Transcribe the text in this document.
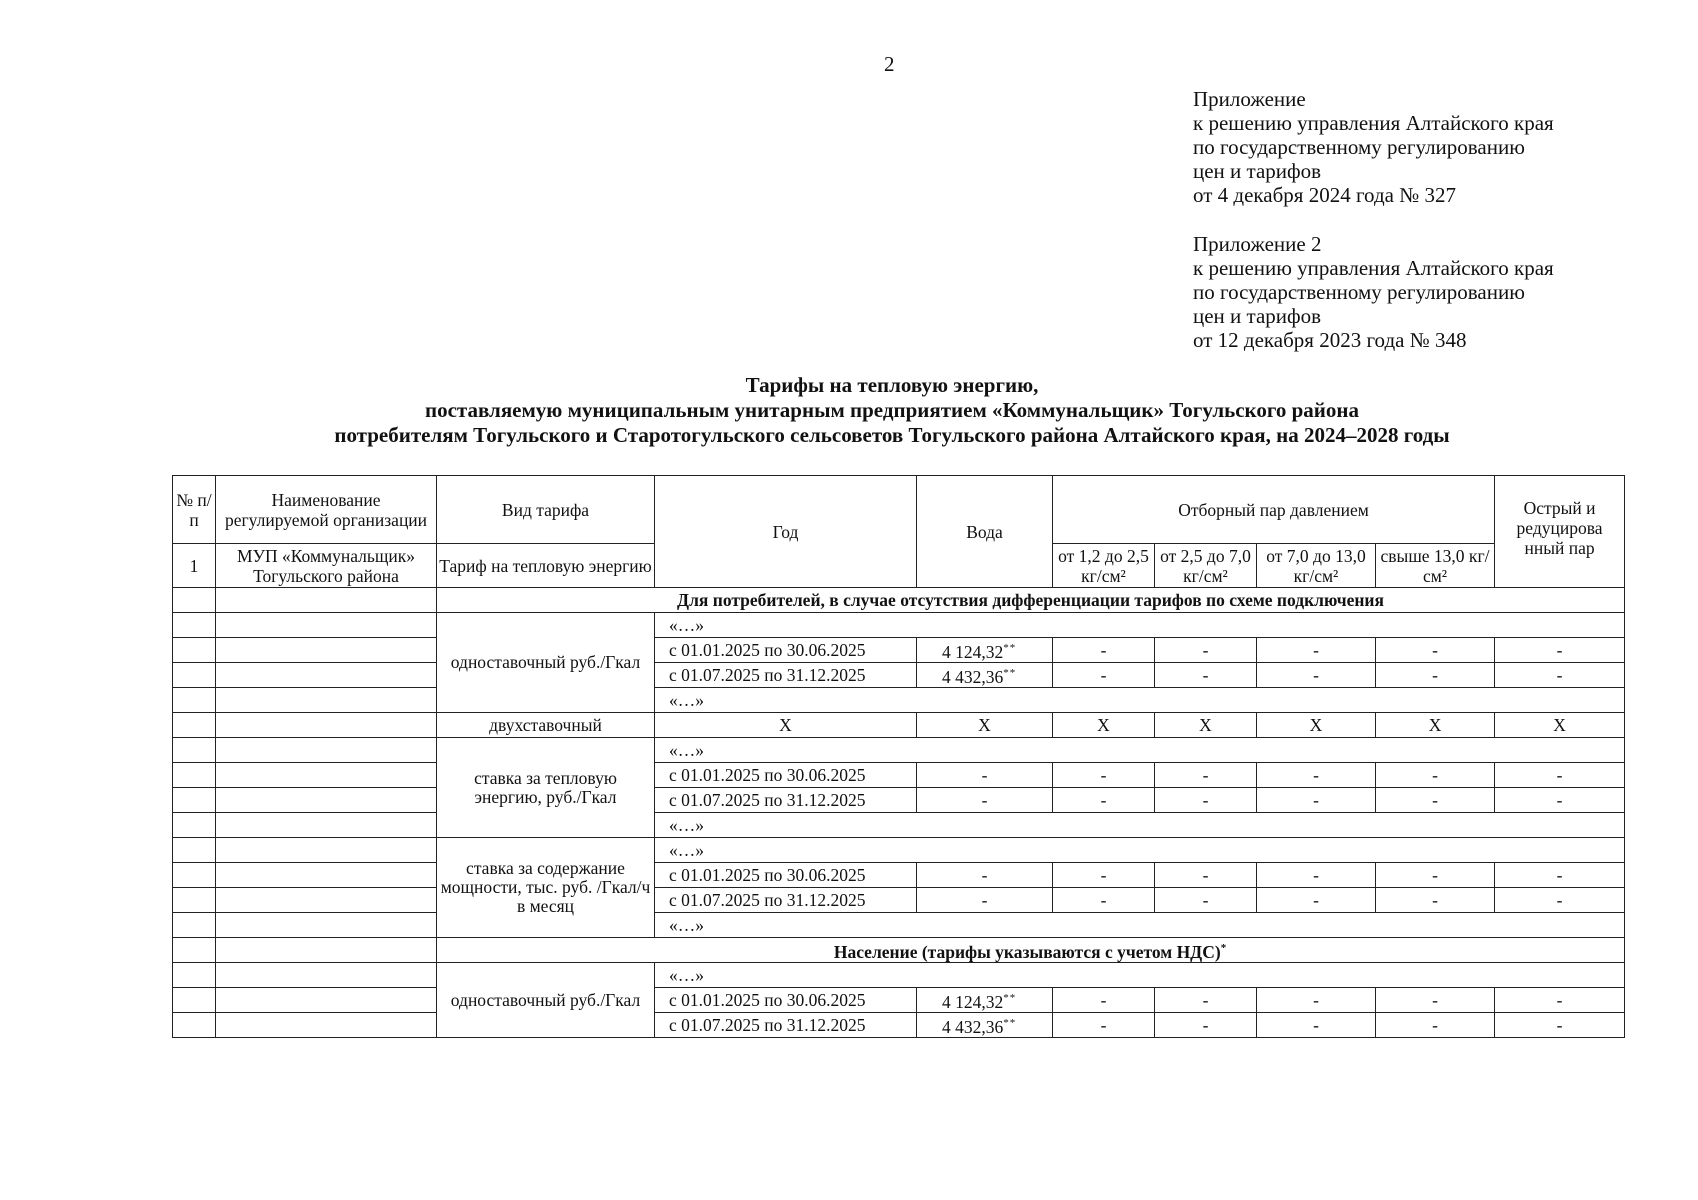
2
Приложение
к решению управления Алтайского края
по государственному регулированию
цен и тарифов
от 4 декабря 2024 года № 327
Приложение 2
к решению управления Алтайского края
по государственному регулированию
цен и тарифов
от 12 декабря 2023 года № 348
Тарифы на тепловую энергию,
поставляемую муниципальным унитарным предприятием «Коммунальщик» Тогульского района
потребителям Тогульского и Старотогульского сельсоветов Тогульского района Алтайского края, на 2024–2028 годы
№ п/п	Наименование регулируемой организации	Вид тарифа	Год	Вода	Отборный пар давлением				Острый и редуцирова нный пар
1	МУП «Коммунальщик» Тогульского района	Тариф на тепловую энергию			от 1,2 до 2,5 кг/см²	от 2,5 до 7,0 кг/см²	от 7,0 до 13,0 кг/см²	свыше 13,0 кг/см²	
		Для потребителей, в случае отсутствия дифференциации тарифов по схеме подключения							
		одноставочный руб./Гкал	«…»						
			с 01.01.2025 по 30.06.2025	4 124,32**	-	-	-	-	-
			с 01.07.2025 по 31.12.2025	4 432,36**	-	-	-	-	-
			«…»						
		двухставочный	X	X	X	X	X	X	X
		ставка за тепловую энергию, руб./Гкал	«…»						
			с 01.01.2025 по 30.06.2025	-	-	-	-	-	-
			с 01.07.2025 по 31.12.2025	-	-	-	-	-	-
			«…»						
		ставка за содержание мощности, тыс. руб. /Гкал/ч в месяц	«…»						
			с 01.01.2025 по 30.06.2025	-	-	-	-	-	-
			с 01.07.2025 по 31.12.2025	-	-	-	-	-	-
			«…»						
		Население (тарифы указываются с учетом НДС)*
		одноставочный руб./Гкал	«…»						
			с 01.01.2025 по 30.06.2025	4 124,32**	-	-	-	-	-
			с 01.07.2025 по 31.12.2025	4 432,36**	-	-	-	-	-
